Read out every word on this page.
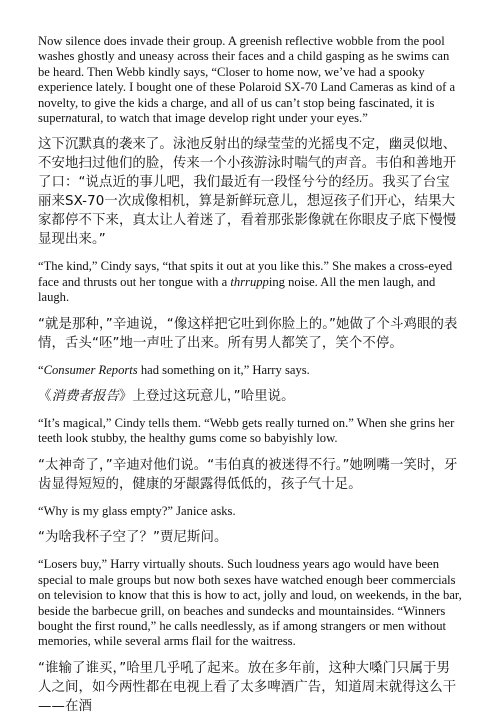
Now silence does invade their group. A greenish reflective wobble from the pool washes ghostly and uneasy across their faces and a child gasping as he swims can be heard. Then Webb kindly says, “Closer to home now, we’ve had a spooky experience lately. I bought one of these Polaroid SX-70 Land Cameras as kind of a novelty, to give the kids a charge, and all of us can’t stop being fascinated, it is supernatural, to watch that image develop right under your eyes.”

这下沉默真的袭来了。泳池反射出的绿莹莹的光摇曳不定，幽灵似地、不安地扫过他们的脸，传来一个小孩游泳时喘气的声音。韦伯和善地开了口：“说点近的事儿吧，我们最近有一段怪兮兮的经历。我买了台宝丽来SX-70一次成像相机，算是新鲜玩意儿，想逗孩子们开心，结果大家都停不下来，真太让人着迷了，看着那张影像就在你眼皮子底下慢慢显现出来。”

“The kind,” Cindy says, “that spits it out at you like this.” She makes a cross-eyed face and thrusts out her tongue with a thrrupping noise. All the men laugh, and laugh.

“就是那种，”辛迪说，“像这样把它吐到你脸上的。”她做了个斗鸡眼的表情，舌头“呸”地一声吐了出来。所有男人都笑了，笑个不停。

“Consumer Reports had something on it,” Harry says.

《消费者报告》上登过这玩意儿，”哈里说。

“It’s magical,” Cindy tells them. “Webb gets really turned on.” When she grins her teeth look stubby, the healthy gums come so babyishly low.

“太神奇了，”辛迪对他们说。“韦伯真的被迷得不行。”她咧嘴一笑时，牙齿显得短短的，健康的牙龈露得低低的，孩子气十足。

“Why is my glass empty?” Janice asks.

“为啥我杯子空了？”贾尼斯问。

“Losers buy,” Harry virtually shouts. Such loudness years ago would have been special to male groups but now both sexes have watched enough beer commercials on television to know that this is how to act, jolly and loud, on weekends, in the bar, beside the barbecue grill, on beaches and sundecks and mountainsides. “Winners bought the first round,” he calls needlessly, as if among strangers or men without memories, while several arms flail for the waitress.

“谁输了谁买，”哈里几乎吼了起来。放在多年前，这种大嗓门只属于男人之间，如今两性都在电视上看了太多啤酒广告，知道周末就得这么干——在酒
